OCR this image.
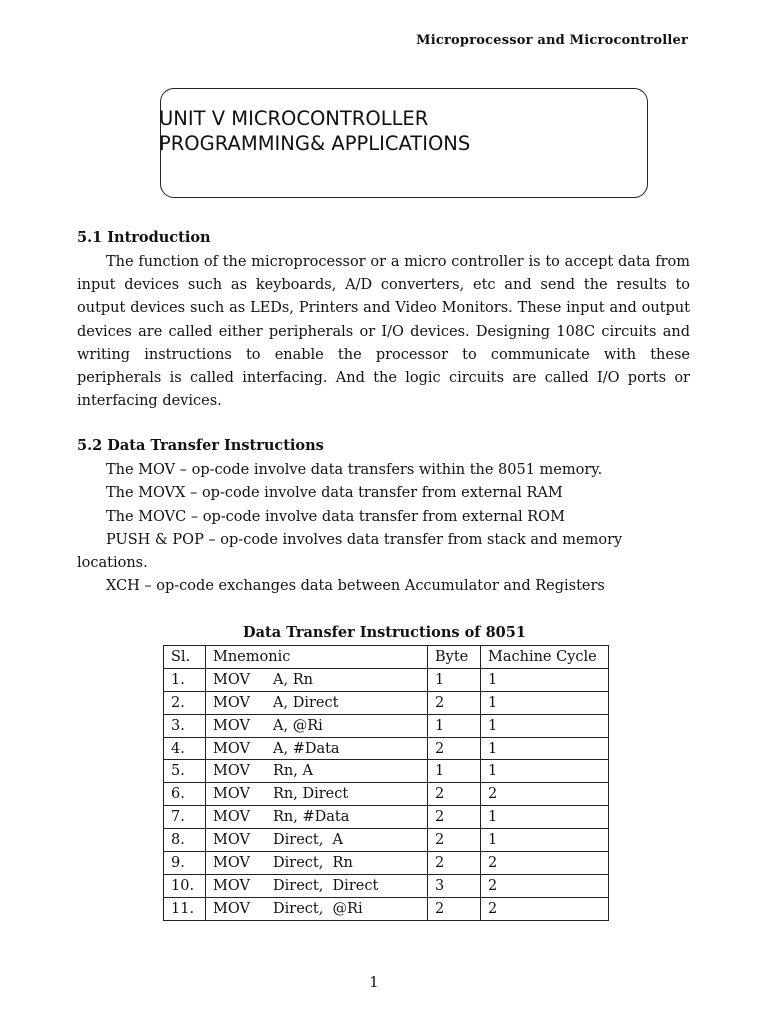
Microprocessor and Microcontroller
UNIT V MICROCONTROLLER
PROGRAMMING& APPLICATIONS
5.1 Introduction

The function of the microprocessor or a micro controller is to accept data from input devices such as keyboards, A/D converters, etc and send the results to output devices such as LEDs, Printers and Video Monitors. These input and output devices are called either peripherals or I/O devices. Designing 108C circuits and writing instructions to enable the processor to communicate with these peripherals is called interfacing. And the logic circuits are called I/O ports or interfacing devices.

5.2 Data Transfer Instructions
The MOV – op-code involve data transfers within the 8051 memory.
The MOVX – op-code involve data transfer from external RAM
The MOVC – op-code involve data transfer from external ROM
PUSH & POP – op-code involves data transfer from stack and memory
locations.
XCH – op-code exchanges data between Accumulator and Registers
Data Transfer Instructions of 8051
Sl.	Mnemonic	Byte	Machine Cycle
1.	MOV A, Rn	1	1
2.	MOV A, Direct	2	1
3.	MOV A, @Ri	1	1
4.	MOV A, #Data	2	1
5.	MOV Rn, A	1	1
6.	MOV Rn, Direct	2	2
7.	MOV Rn, #Data	2	1
8.	MOV Direct,  A	2	1
9.	MOV Direct,  Rn	2	2
10.	MOV Direct,  Direct	3	2
11.	MOV Direct,  @Ri	2	2
1
